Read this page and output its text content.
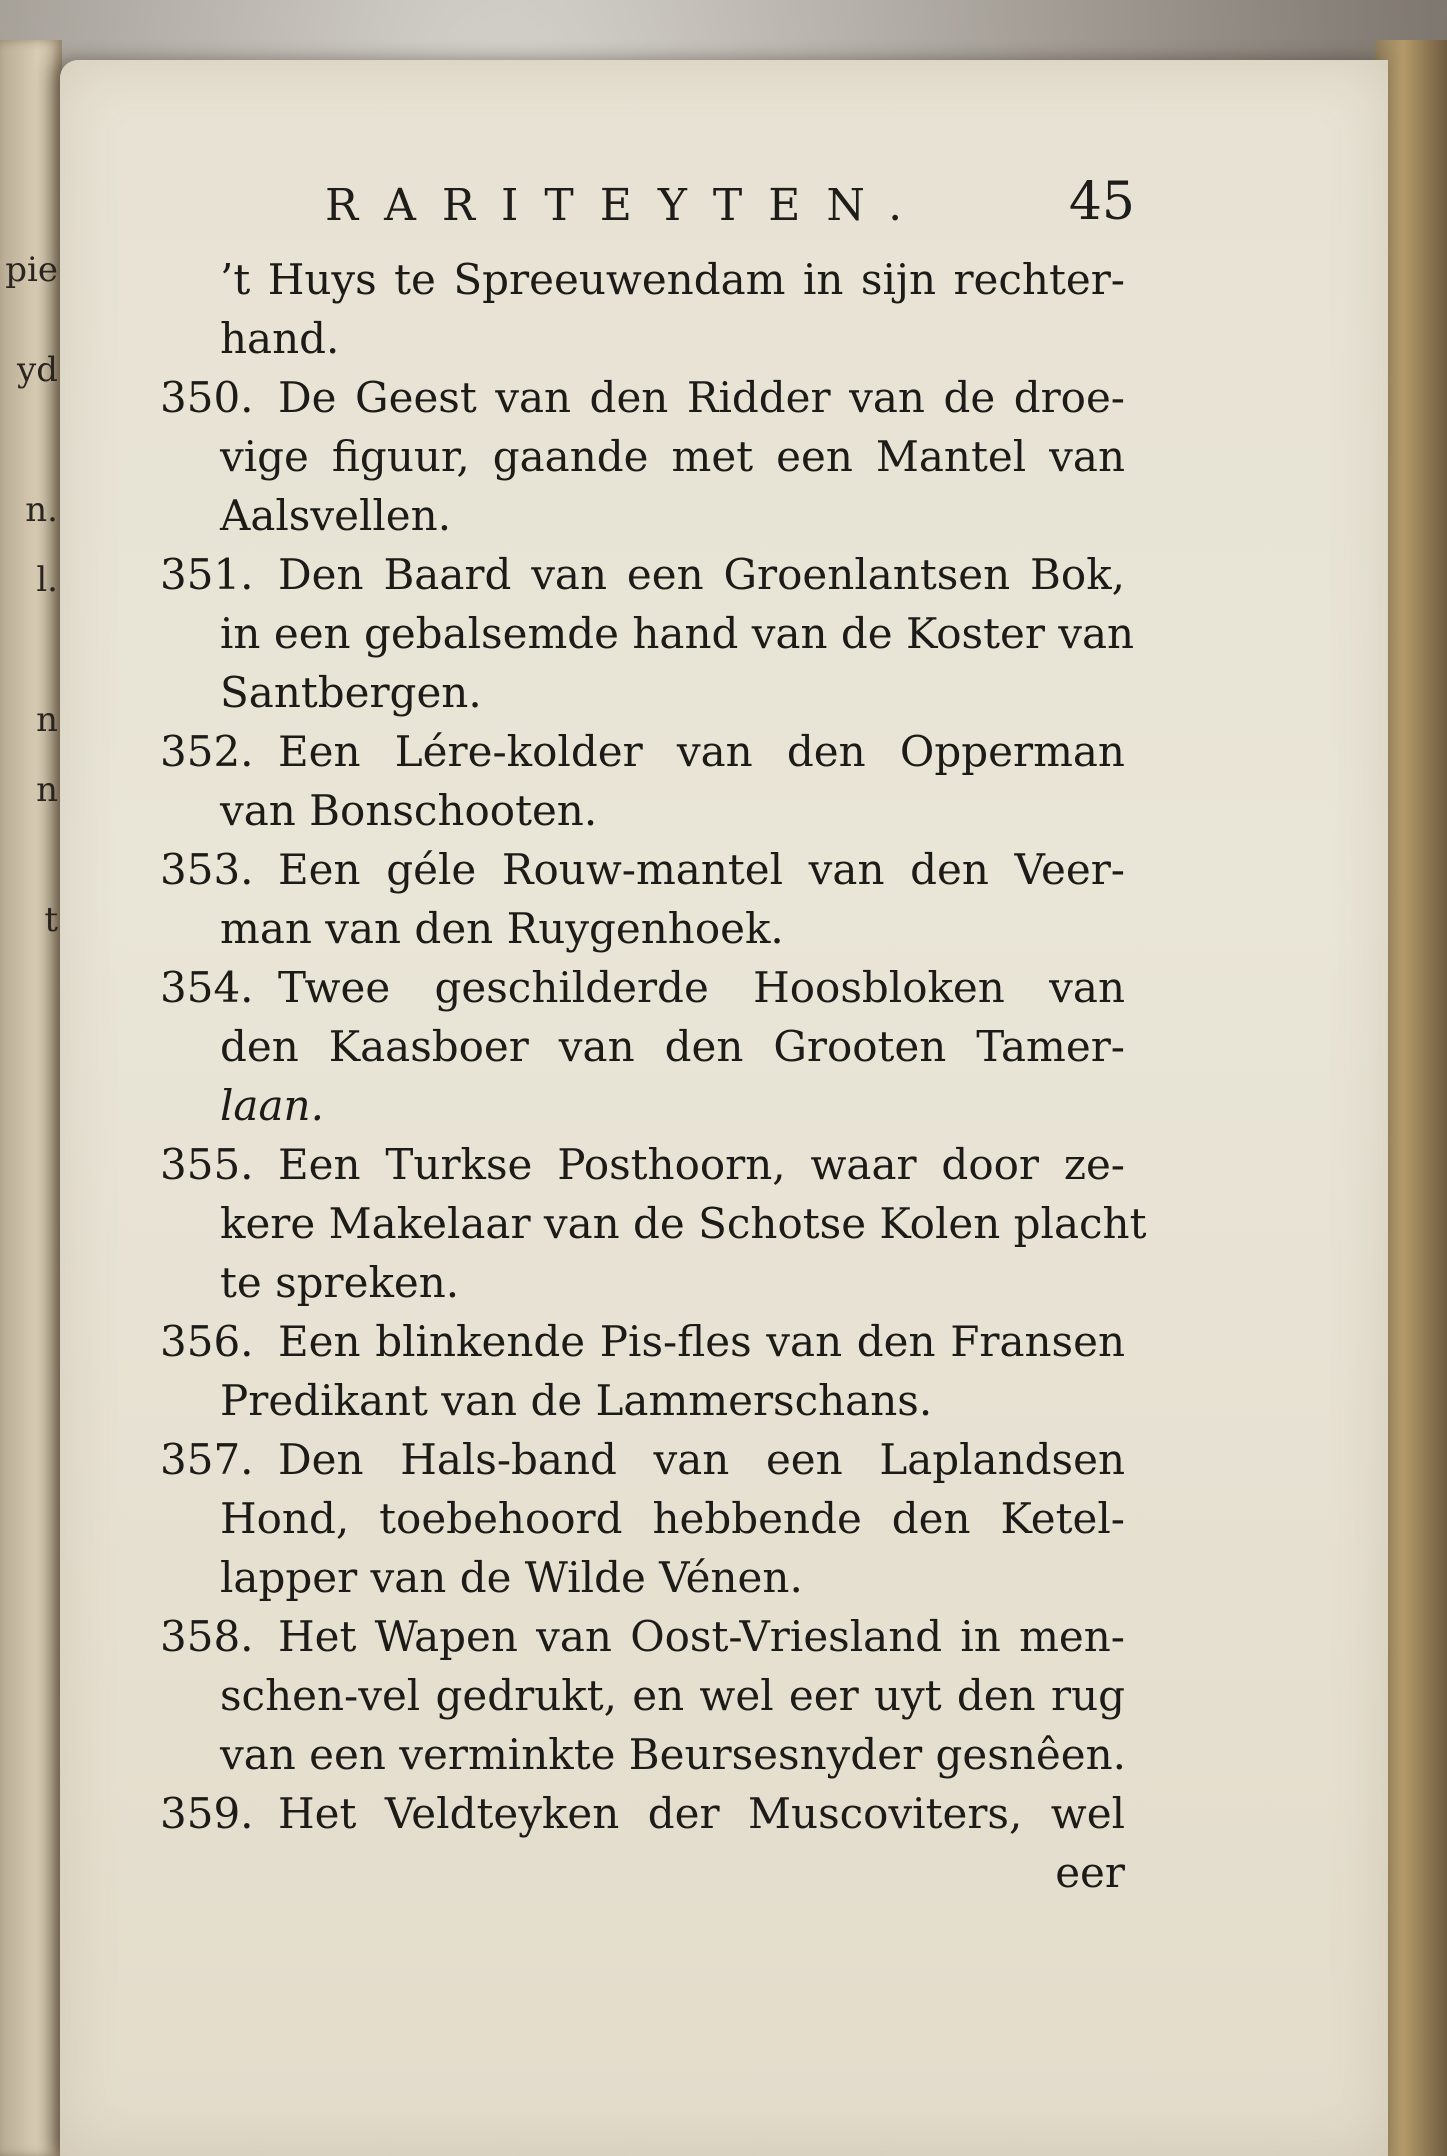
pie
yd
n.
l.
n
n
t
RARITEYTEN.	45
’t Huys te Spreeuwendam in sijn rechter-
hand.
350. De Geest van den Ridder van de droe-
vige figuur, gaande met een Mantel van
Aalsvellen.
351. Den Baard van een Groenlantsen Bok,
in een gebalsemde hand van de Koster van
Santbergen.
352. Een Lére-kolder van den Opperman
van Bonschooten.
353. Een géle Rouw-mantel van den Veer-
man van den Ruygenhoek.
354. Twee geschilderde Hoosbloken van
den Kaasboer van den Grooten Tamer-
laan.
355. Een Turkse Posthoorn, waar door ze-
kere Makelaar van de Schotse Kolen placht
te spreken.
356. Een blinkende Pis-fles van den Fransen
Predikant van de Lammerschans.
357. Den Hals-band van een Laplandsen
Hond, toebehoord hebbende den Ketel-
lapper van de Wilde Vénen.
358. Het Wapen van Oost-Vriesland in men-
schen-vel gedrukt, en wel eer uyt den rug
van een verminkte Beursesnyder gesnêen.
359. Het Veldteyken der Muscoviters, wel
eer
